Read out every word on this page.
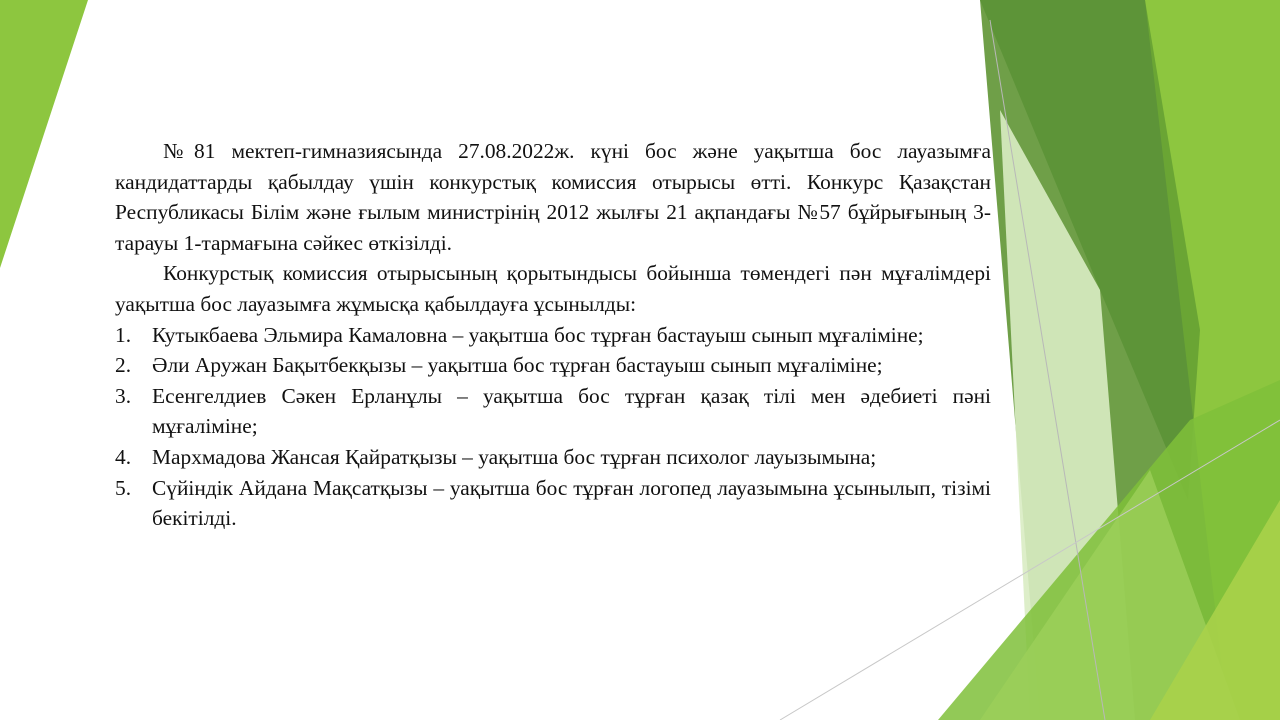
№81 мектеп-гимназиясында 27.08.2022ж. күні бос және уақытша бос лауазымға кандидаттарды қабылдау үшін конкурстық комиссия отырысы өтті. Конкурс Қазақстан Республикасы Білім және ғылым министрінің 2012 жылғы 21 ақпандағы №57 бұйрығының 3-тарауы 1-тармағына сәйкес өткізілді.

Конкурстық комиссия отырысының қорытындысы бойынша төмендегі пән мұғалімдері уақытша бос лауазымға жұмысқа қабылдауға ұсынылды:

1. Кутыкбаева Эльмира Камаловна – уақытша бос тұрған бастауыш сынып мұғаліміне;
2. Әли Аружан Бақытбекқызы – уақытша бос тұрған бастауыш сынып мұғаліміне;
3. Есенгелдиев Сәкен Ерланұлы – уақытша бос тұрған қазақ тілі мен әдебиеті пәні мұғаліміне;
4. Мархмадова Жансая Қайратқызы – уақытша бос тұрған психолог лауызымына;
5. Сүйіндік Айдана Мақсатқызы – уақытша бос тұрған логопед лауазымына ұсынылып, тізімі бекітілді.
